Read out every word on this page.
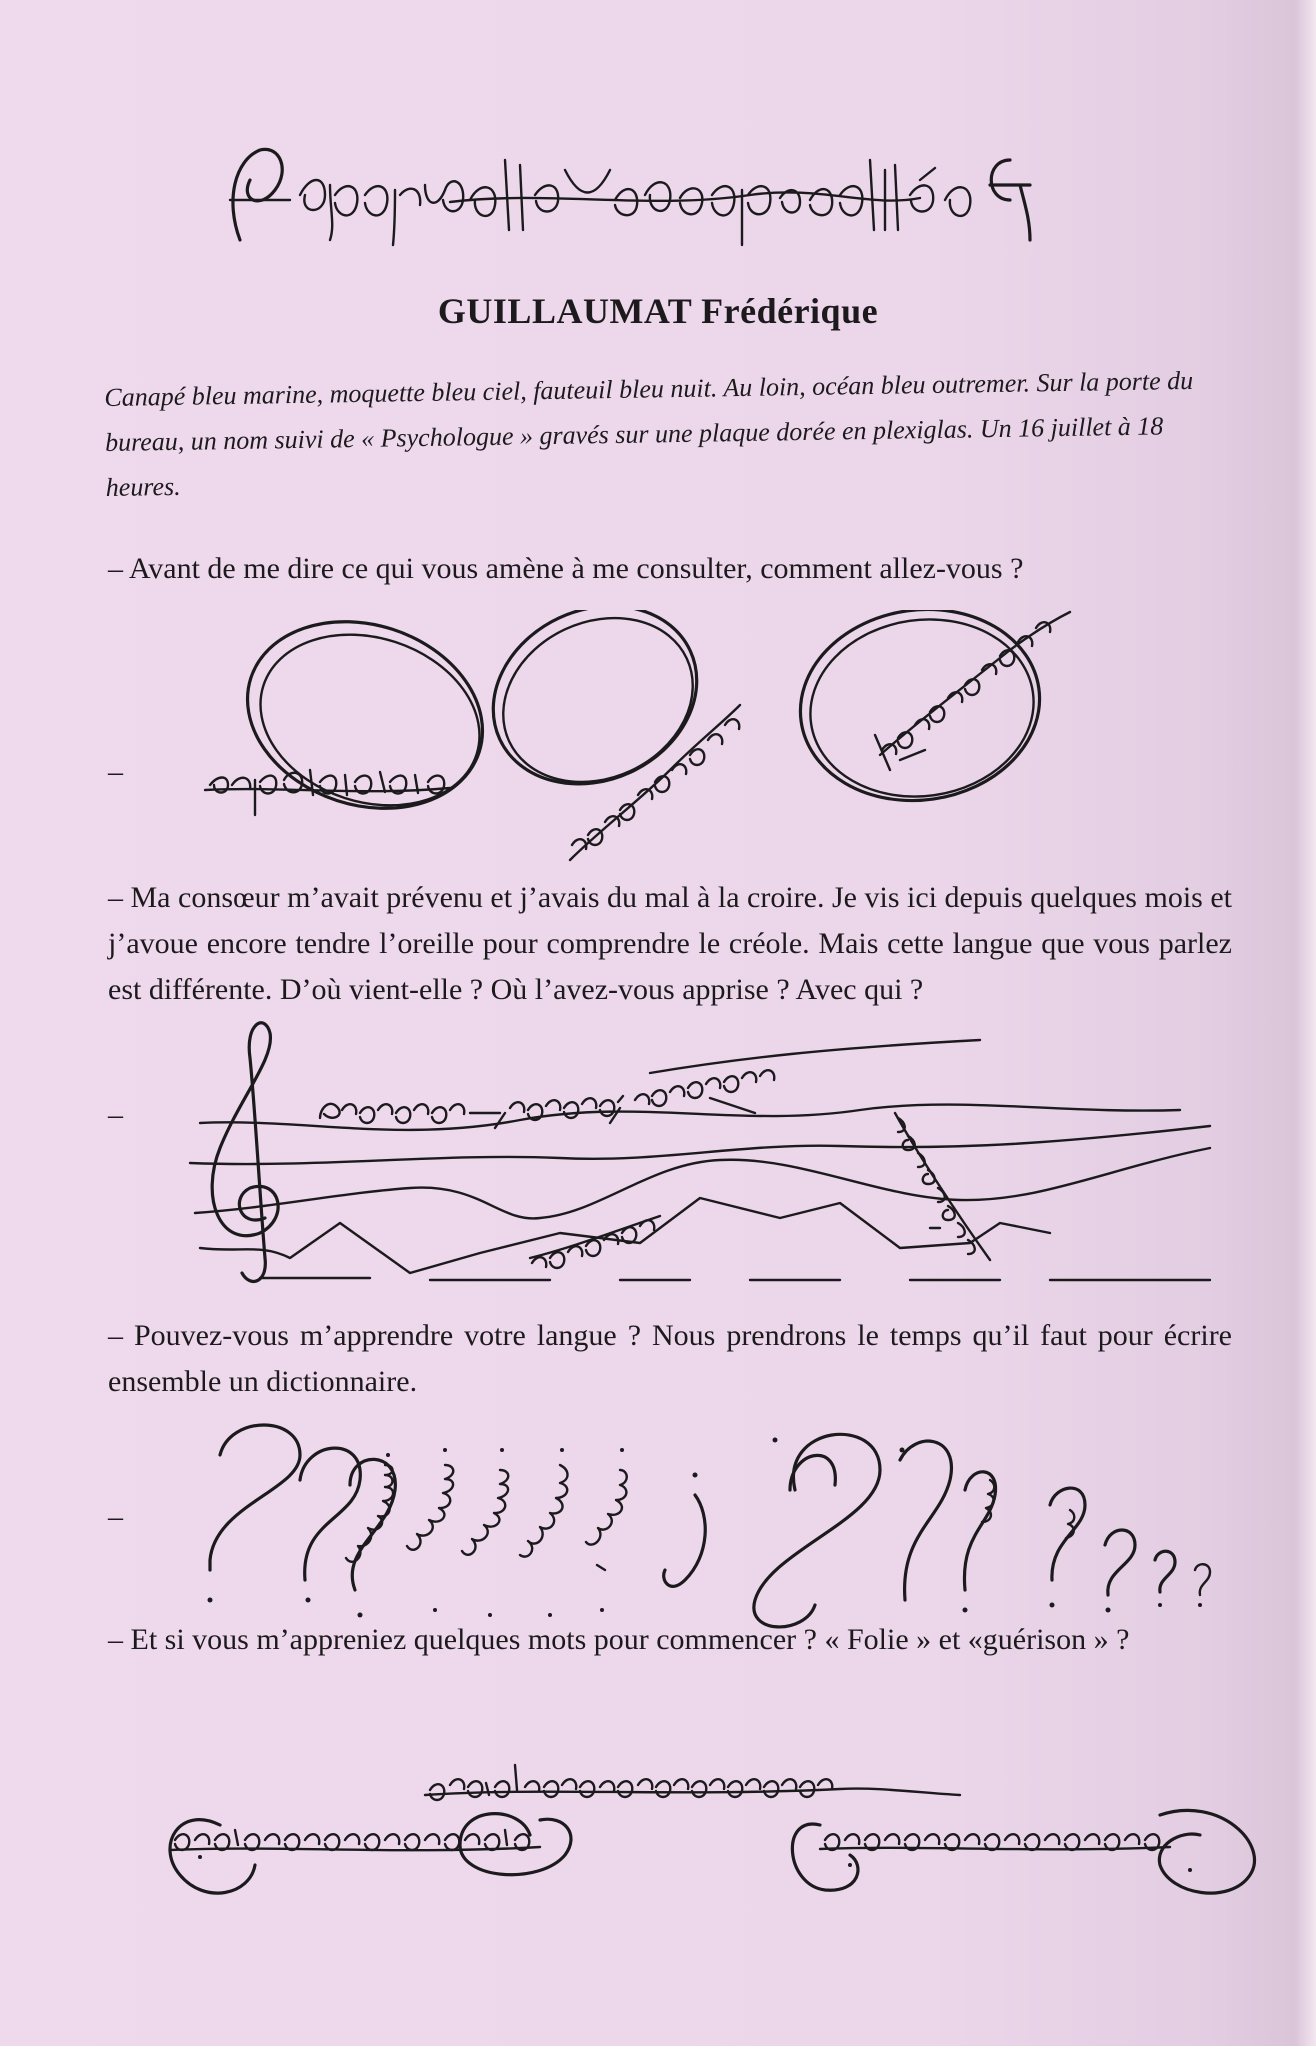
GUILLAUMAT Frédérique
Canapé bleu marine, moquette bleu ciel, fauteuil bleu nuit. Au loin, océan bleu outremer. Sur la porte du bureau, un nom suivi de « Psychologue » gravés sur une plaque dorée en plexiglas. Un 16 juillet à 18 heures.
– Avant de me dire ce qui vous amène à me consulter, comment allez-vous ?
–
– Ma consœur m’avait prévenu et j’avais du mal à la croire. Je vis ici depuis quelques mois et j’avoue encore tendre l’oreille pour comprendre le créole. Mais cette langue que vous parlez est différente. D’où vient-elle ? Où l’avez-vous apprise ? Avec qui ?
–
– Pouvez-vous m’apprendre votre langue ? Nous prendrons le temps qu’il faut pour écrire ensemble un dictionnaire.
–
– Et si vous m’appreniez quelques mots pour commencer ? « Folie » et «guérison » ?
